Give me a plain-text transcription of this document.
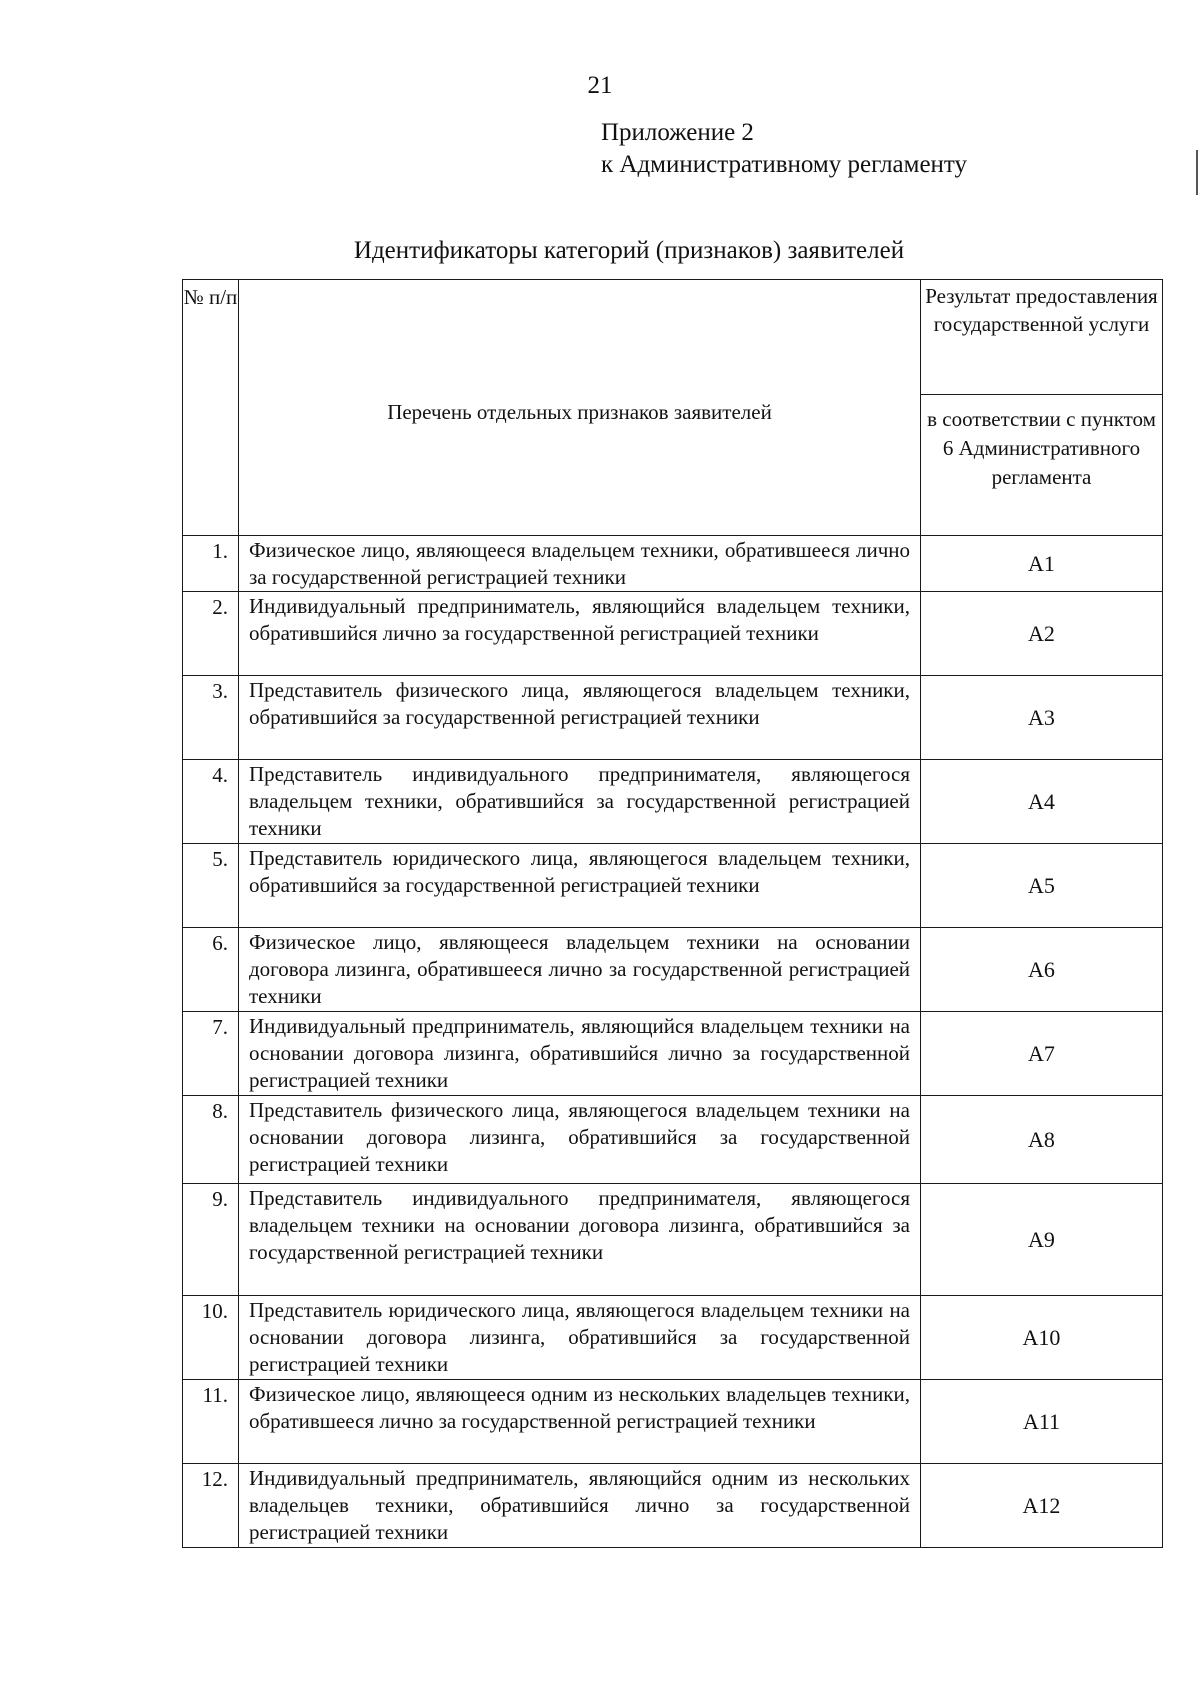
21
Приложение 2
к Административному регламенту
Идентификаторы категорий (признаков) заявителей
№ п/п	Перечень отдельных признаков заявителей	Результат предоставления государственной услуги
		в соответствии с пунктом 6 Административного регламента
1.	Физическое лицо, являющееся владельцем техники, обратившееся лично за государственной регистрацией техники	А1
2.	Индивидуальный предприниматель, являющийся владельцем техники, обратившийся лично за государственной регистрацией техники	А2
3.	Представитель физического лица, являющегося владельцем техники, обратившийся за государственной регистрацией техники	А3
4.	Представитель индивидуального предпринимателя, являющегося владельцем техники, обратившийся за государственной регистрацией техники	А4
5.	Представитель юридического лица, являющегося владельцем техники, обратившийся за государственной регистрацией техники	А5
6.	Физическое лицо, являющееся владельцем техники на основании договора лизинга, обратившееся лично за государственной регистрацией техники	А6
7.	Индивидуальный предприниматель, являющийся владельцем техники на основании договора лизинга, обратившийся лично за государственной регистрацией техники	А7
8.	Представитель физического лица, являющегося владельцем техники на основании договора лизинга, обратившийся за государственной регистрацией техники	А8
9.	Представитель индивидуального предпринимателя, являющегося владельцем техники на основании договора лизинга, обратившийся за государственной регистрацией техники	А9
10.	Представитель юридического лица, являющегося владельцем техники на основании договора лизинга, обратившийся за государственной регистрацией техники	А10
11.	Физическое лицо, являющееся одним из нескольких владельцев техники, обратившееся лично за государственной регистрацией техники	А11
12.	Индивидуальный предприниматель, являющийся одним из нескольких владельцев техники, обратившийся лично за государственной регистрацией техники	А12
